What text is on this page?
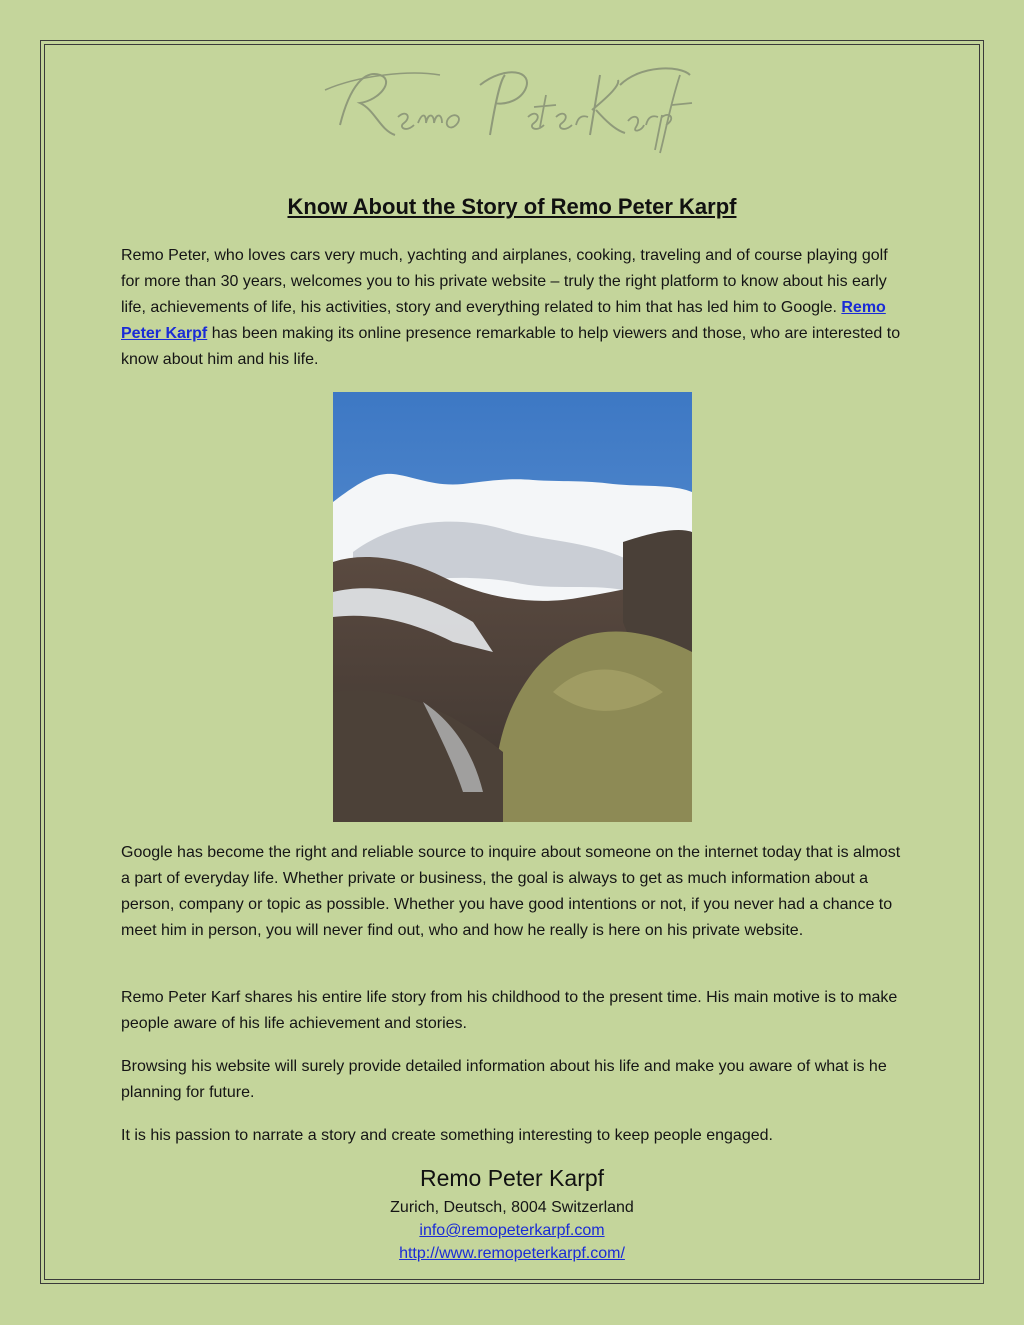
Know About the Story of Remo Peter Karpf
Remo Peter, who loves cars very much, yachting and airplanes, cooking, traveling and of course playing golf for more than 30 years, welcomes you to his private website – truly the right platform to know about his early life, achievements of life, his activities, story and everything related to him that has led him to Google. Remo Peter Karpf has been making its online presence remarkable to help viewers and those, who are interested to know about him and his life.
Google has become the right and reliable source to inquire about someone on the internet today that is almost a part of everyday life. Whether private or business, the goal is always to get as much information about a person, company or topic as possible. Whether you have good intentions or not, if you never had a chance to meet him in person, you will never find out, who and how he really is here on his private website.
Remo Peter Karf shares his entire life story from his childhood to the present time. His main motive is to make people aware of his life achievement and stories.
Browsing his website will surely provide detailed information about his life and make you aware of what is he planning for future.
It is his passion to narrate a story and create something interesting to keep people engaged.
Remo Peter Karpf
Zurich, Deutsch, 8004 Switzerland
info@remopeterkarpf.com
http://www.remopeterkarpf.com/
